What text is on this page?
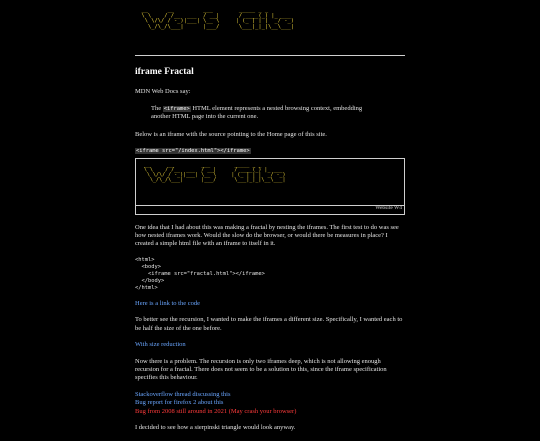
__      __         ___        _____ _ _
\ \    / /__  ___  / __|      / ____(_) |_ ___
\ \/\/ / -_)|___| \__ \     | (_ | | |  _/ -_)
\_/\_/\___|      |___/      \___|_|_|\__\___|

iframe Fractal

MDN Web Docs say:

The <iframe> HTML element represents a nested browsing context, embedding another HTML page into the current one.

Below is an iframe with the source pointing to the Home page of this site.

<iframe src="/index.html"></iframe>
__      __         ___        _____ _ _
\ \    / /__  ___  / __|      / ____(_) |_ ___
\ \/\/ / -_)|___| \__ \     | (_ | | |  _/ -_)
\_/\_/\___|      |___/      \___|_|_|\__\___|

Website W4

One idea that I had about this was making a fractal by nesting the iframes. The first test to do was see how nested iframes work. Would the slow do the browser, or would there be measures in place? I created a simple html file with an iframe to itself in it.

<html>
<body>
<iframe src="fractal.html"></iframe>
</body>
</html>

Here is a link to the code

To better see the recursion, I wanted to make the iframes a different size. Specifically, I wanted each to be half the size of the one before.

With size reduction

Now there is a problem. The recursion is only two iframes deep, which is not allowing enough recursion for a fractal. There does not seem to be a solution to this, since the iframe specification specifies this behaviour.

Stackoverflow thread discussing this
Bug report for firefox 2 about this
Bug from 2008 still around in 2021 (May crash your browser)

I decided to see how a sierpinski triangle would look anyway.
